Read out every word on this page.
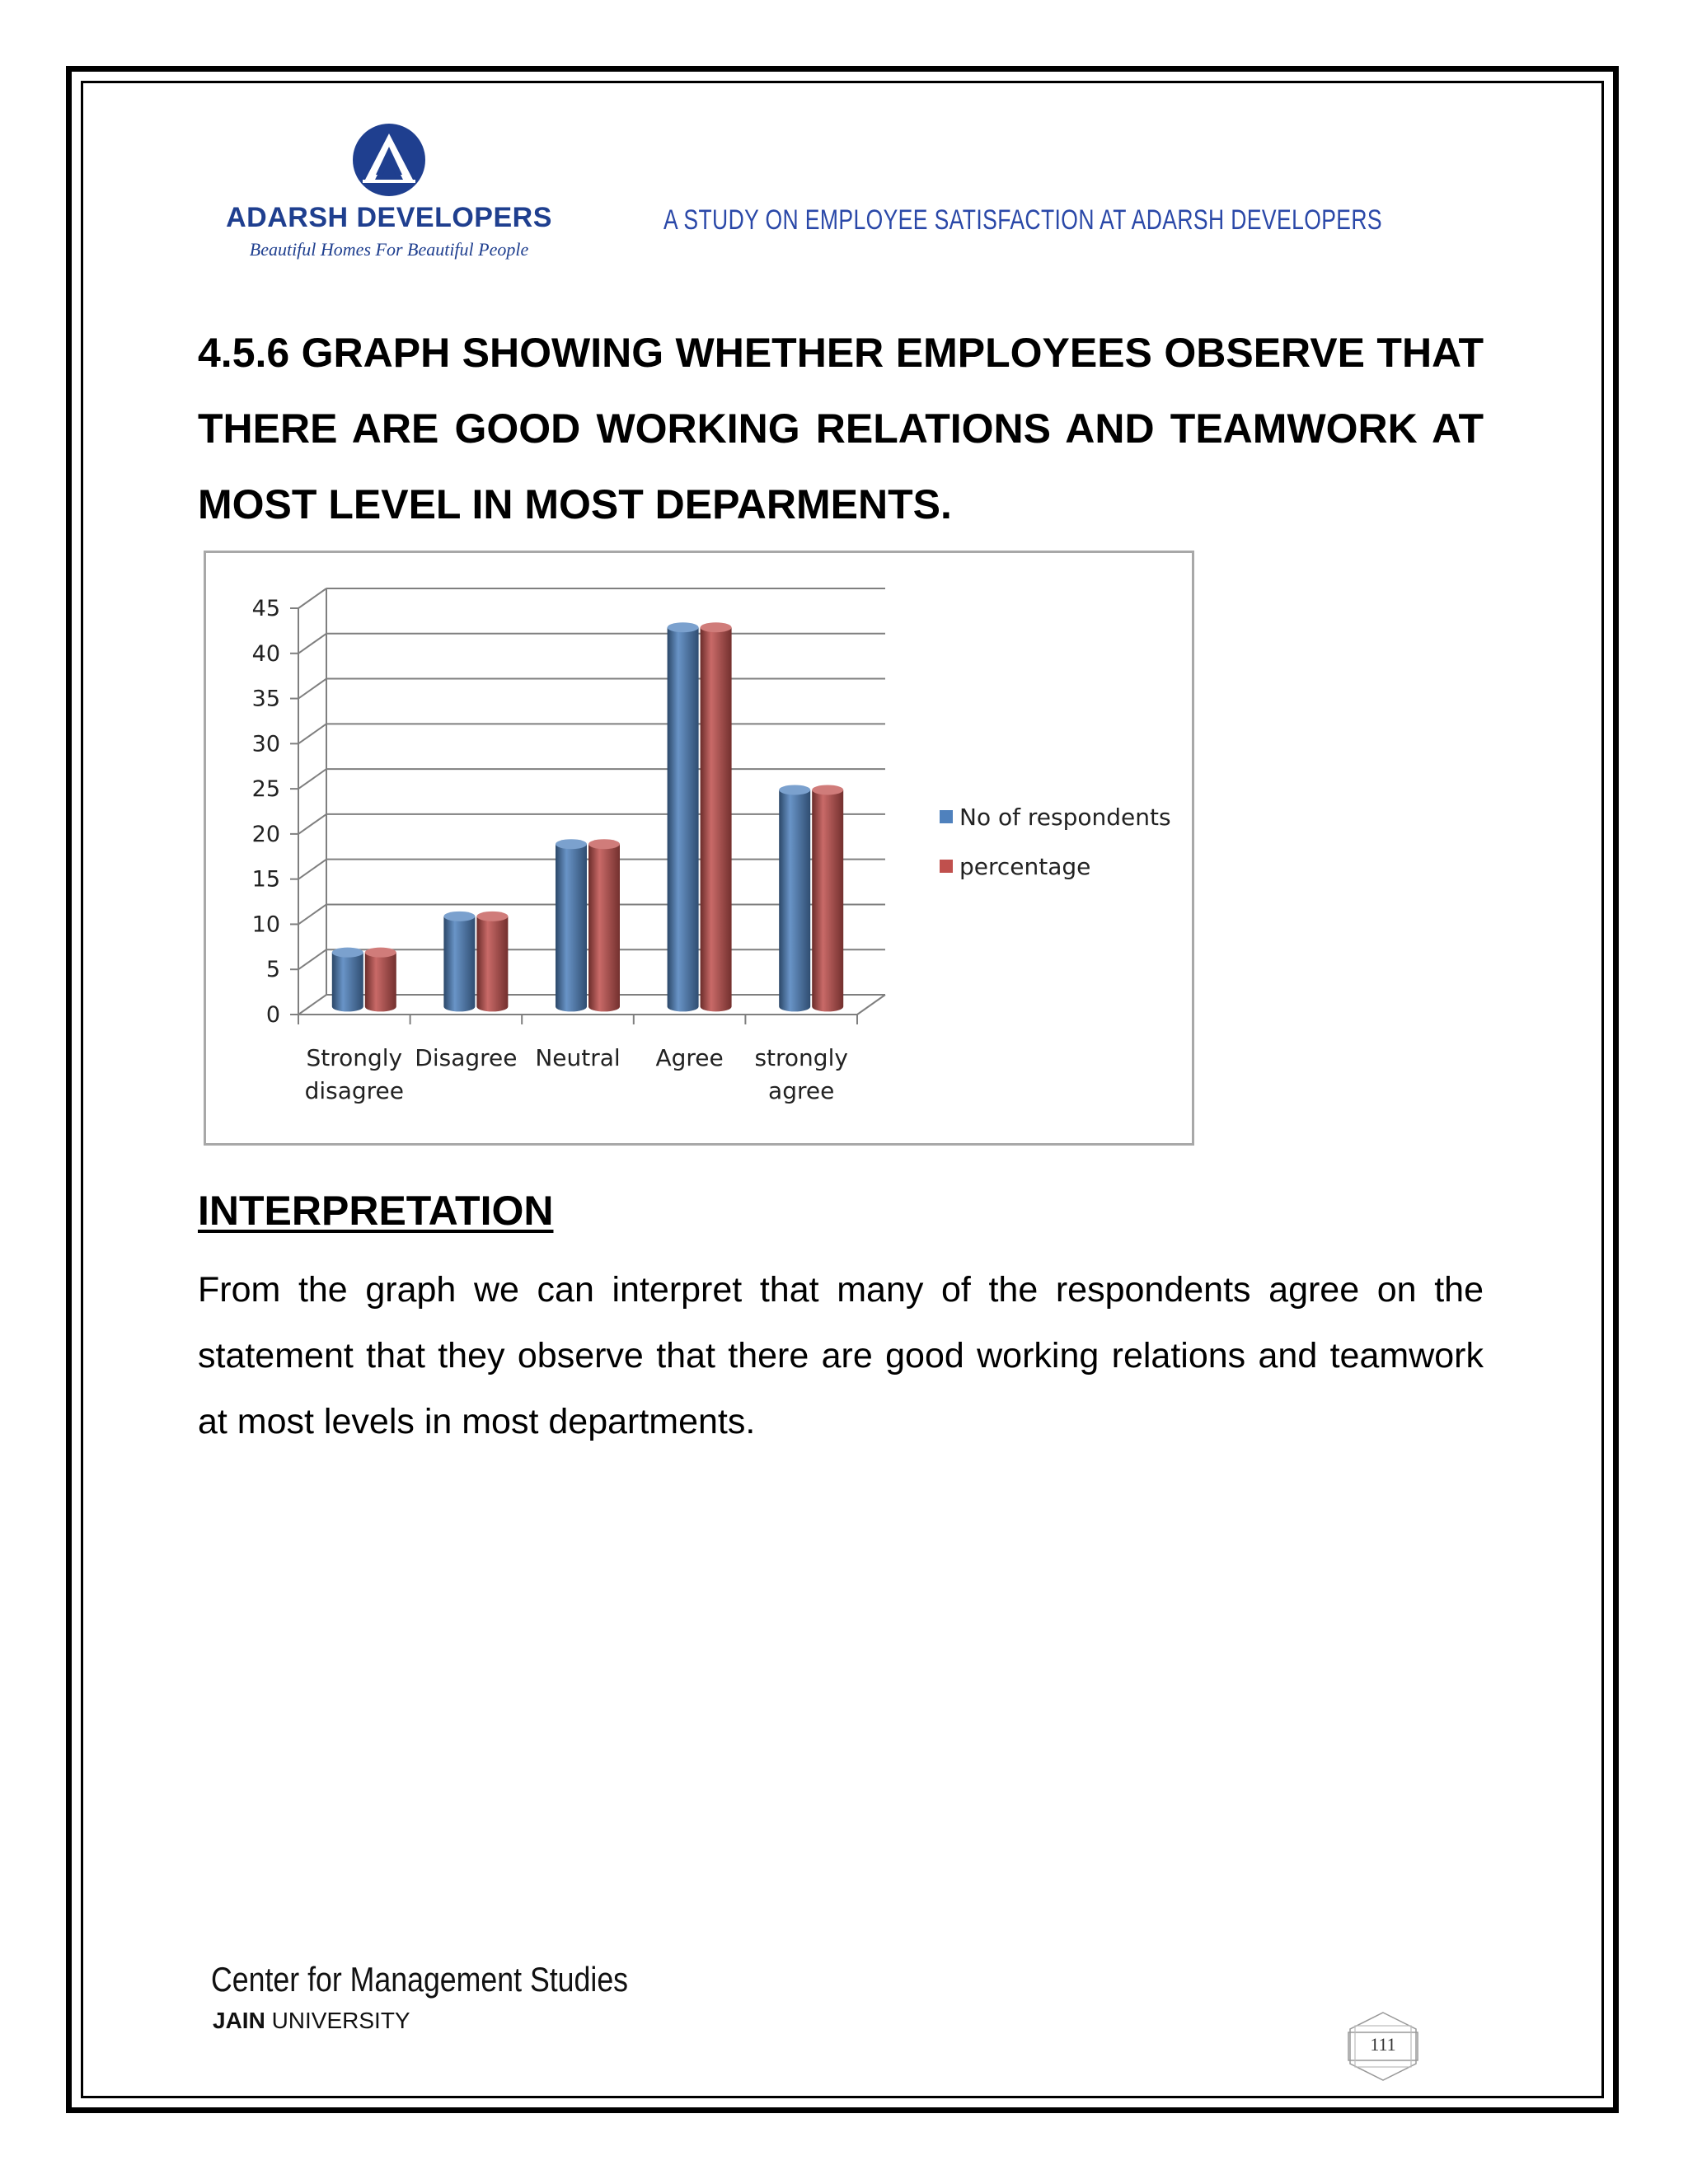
ADARSH DEVELOPERS
Beautiful Homes For Beautiful People
A STUDY ON EMPLOYEE SATISFACTION AT ADARSH DEVELOPERS
4.5.6 GRAPH SHOWING WHETHER EMPLOYEES OBSERVE THAT THERE ARE GOOD WORKING RELATIONS AND TEAMWORK AT MOST LEVEL IN MOST DEPARMENTS.
0
5
10
15
20
25
30
35
40
45
Strongly
disagree
Disagree Neutral Agree strongly
agree
No of respondents
percentage
INTERPRETATION
From the graph we can interpret that many of the respondents agree on the statement that they observe that there are good working relations and teamwork at most levels in most departments.
Center for Management Studies
JAIN UNIVERSITY
111
